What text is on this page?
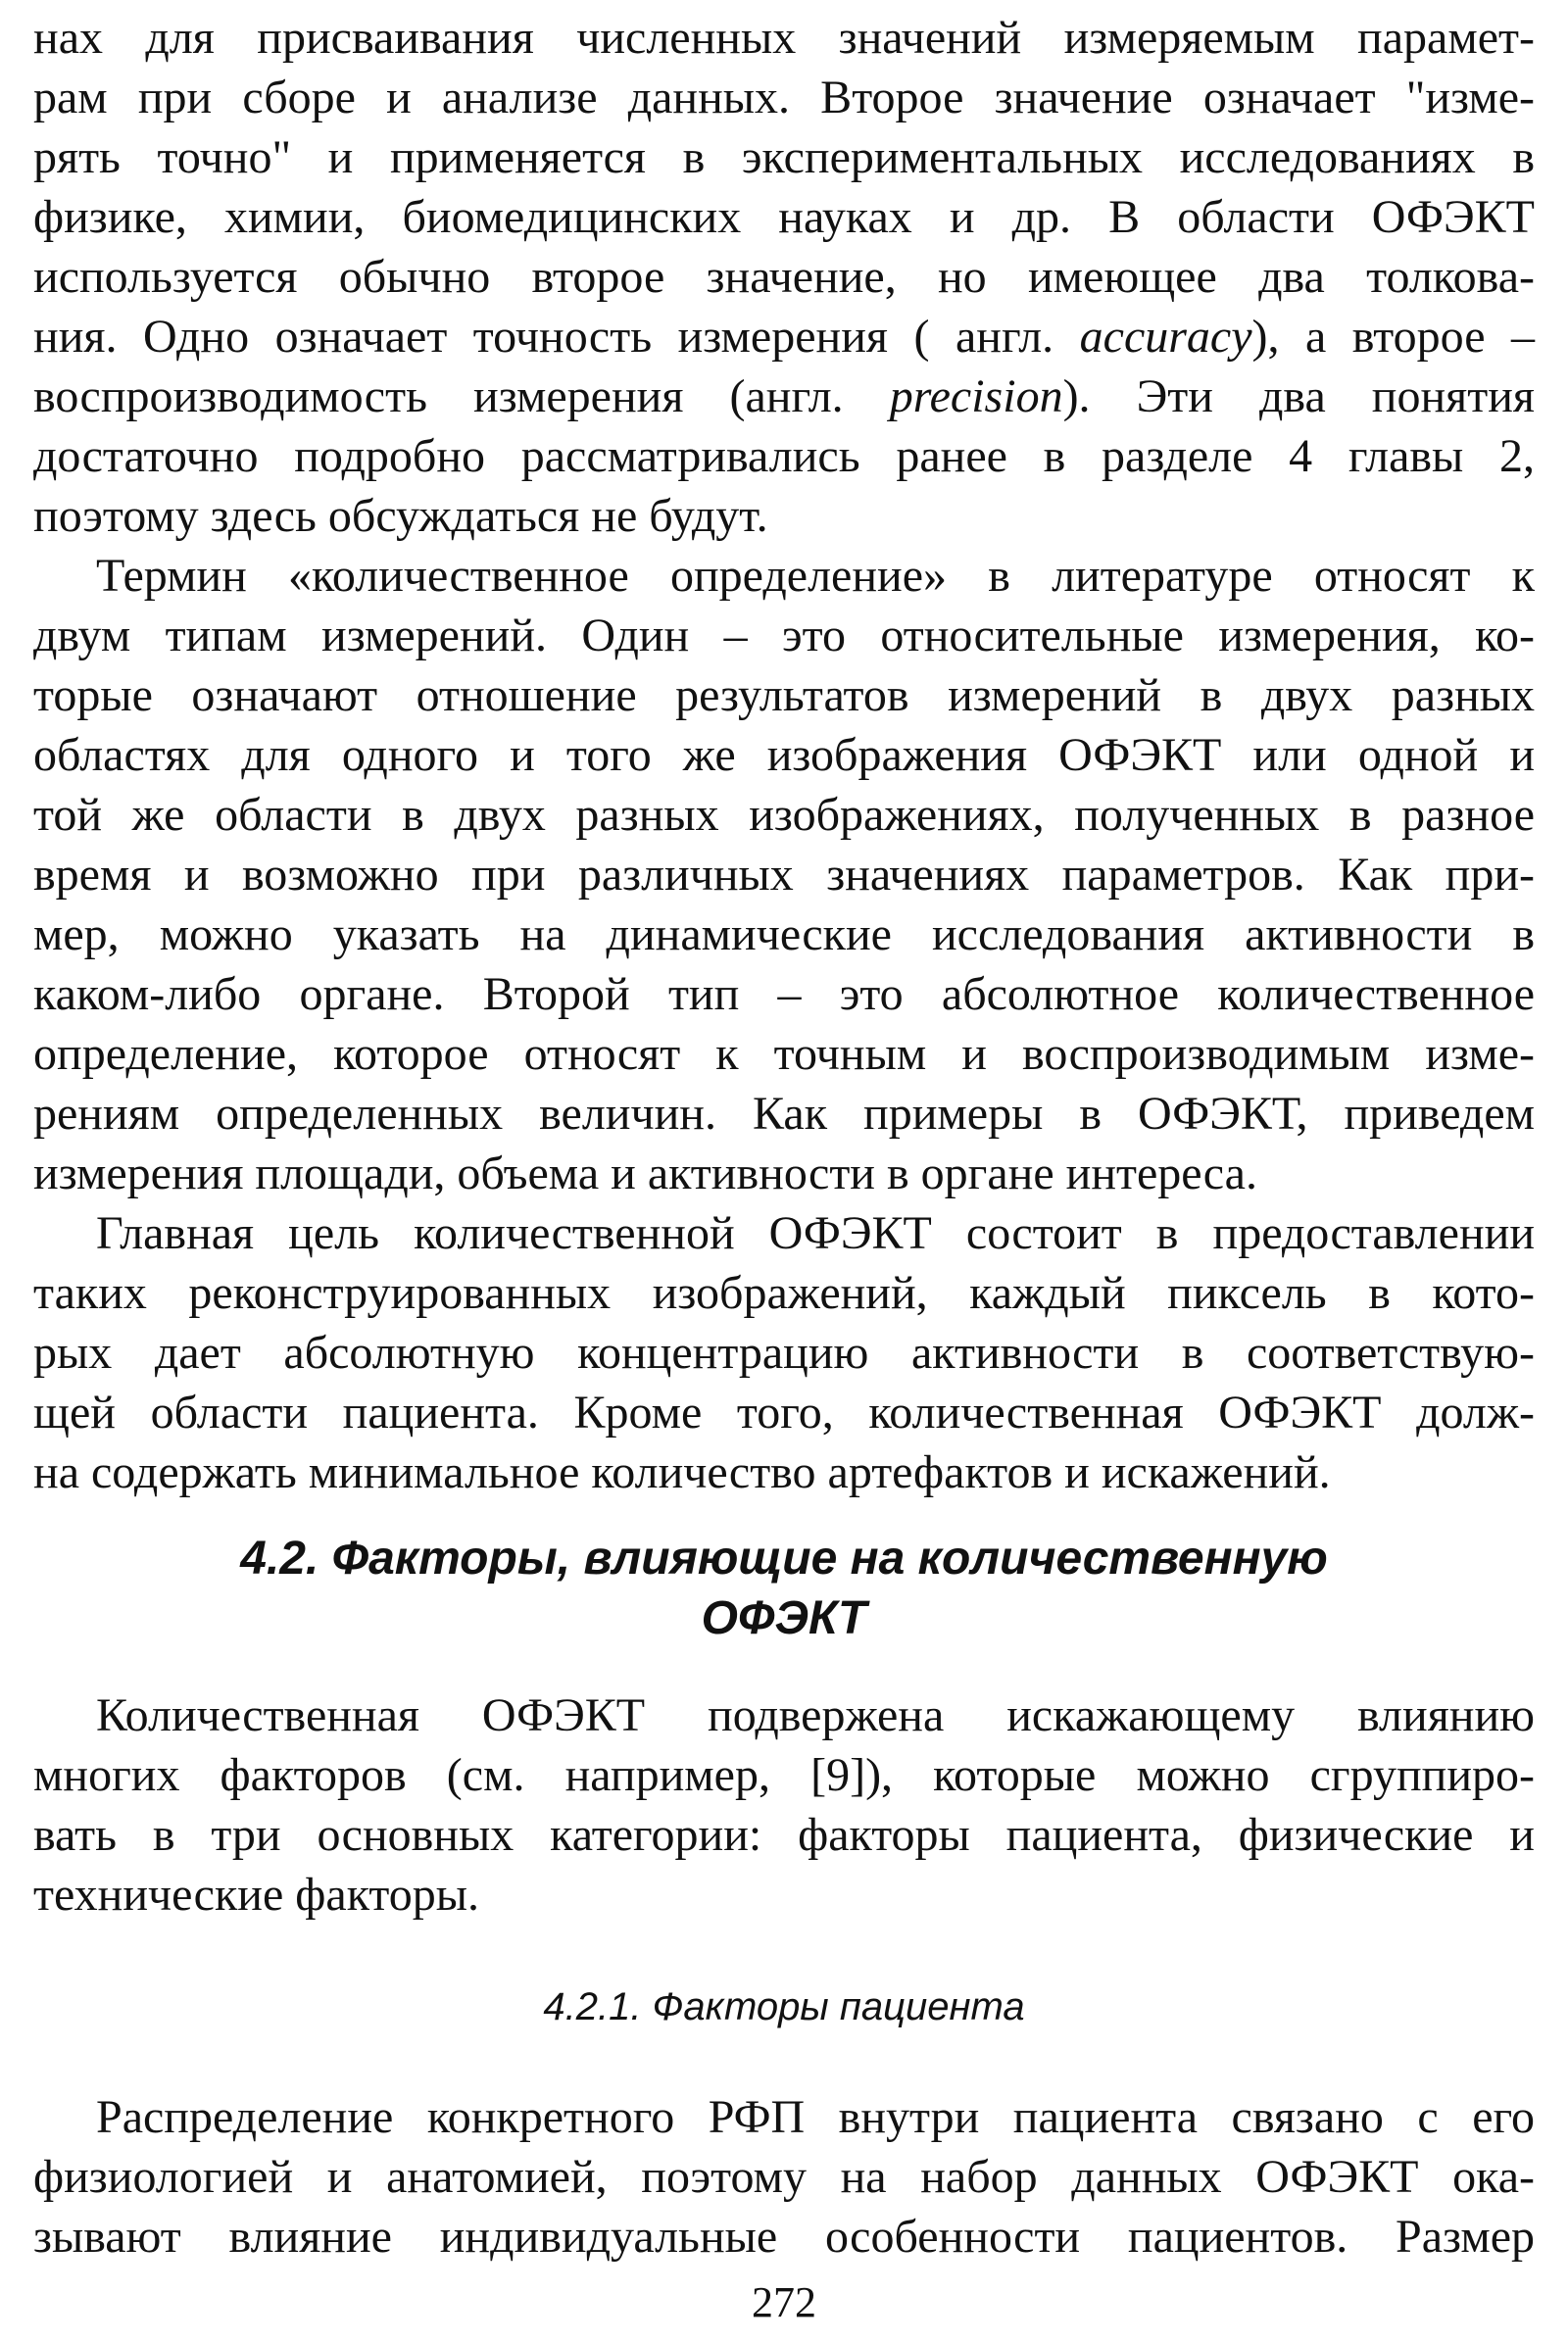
нах для присваивания численных значений измеряемым парамет-
рам при сборе и анализе данных. Второе значение означает "изме-
рять точно" и применяется в экспериментальных исследованиях в
физике, химии, биомедицинских науках и др. В области ОФЭКТ
используется обычно второе значение, но имеющее два толкова-
ния. Одно означает точность измерения ( англ. accuracy), а второе –
воспроизводимость измерения (англ. precision). Эти два понятия
достаточно подробно рассматривались ранее в разделе 4 главы 2,
поэтому здесь обсуждаться не будут.
Термин «количественное определение» в литературе относят к
двум типам измерений. Один – это относительные измерения, ко-
торые означают отношение результатов измерений в двух разных
областях для одного и того же изображения ОФЭКТ или одной и
той же области в двух разных изображениях, полученных в разное
время и возможно при различных значениях параметров. Как при-
мер, можно указать на динамические исследования активности в
каком-либо органе. Второй тип – это абсолютное количественное
определение, которое относят к точным и воспроизводимым изме-
рениям определенных величин. Как примеры в ОФЭКТ, приведем
измерения площади, объема и активности в органе интереса.
Главная цель количественной ОФЭКТ состоит в предоставлении
таких реконструированных изображений, каждый пиксель в кото-
рых дает абсолютную концентрацию активности в соответствую-
щей области пациента. Кроме того, количественная ОФЭКТ долж-
на содержать минимальное количество артефактов и искажений.
4.2. Факторы, влияющие на количественную
ОФЭКТ
Количественная ОФЭКТ подвержена искажающему влиянию
многих факторов (см. например, [9]), которые можно сгруппиро-
вать в три основных категории: факторы пациента, физические и
технические факторы.
4.2.1. Факторы пациента
Распределение конкретного РФП внутри пациента связано с его
физиологией и анатомией, поэтому на набор данных ОФЭКТ ока-
зывают влияние индивидуальные особенности пациентов. Размер
272
